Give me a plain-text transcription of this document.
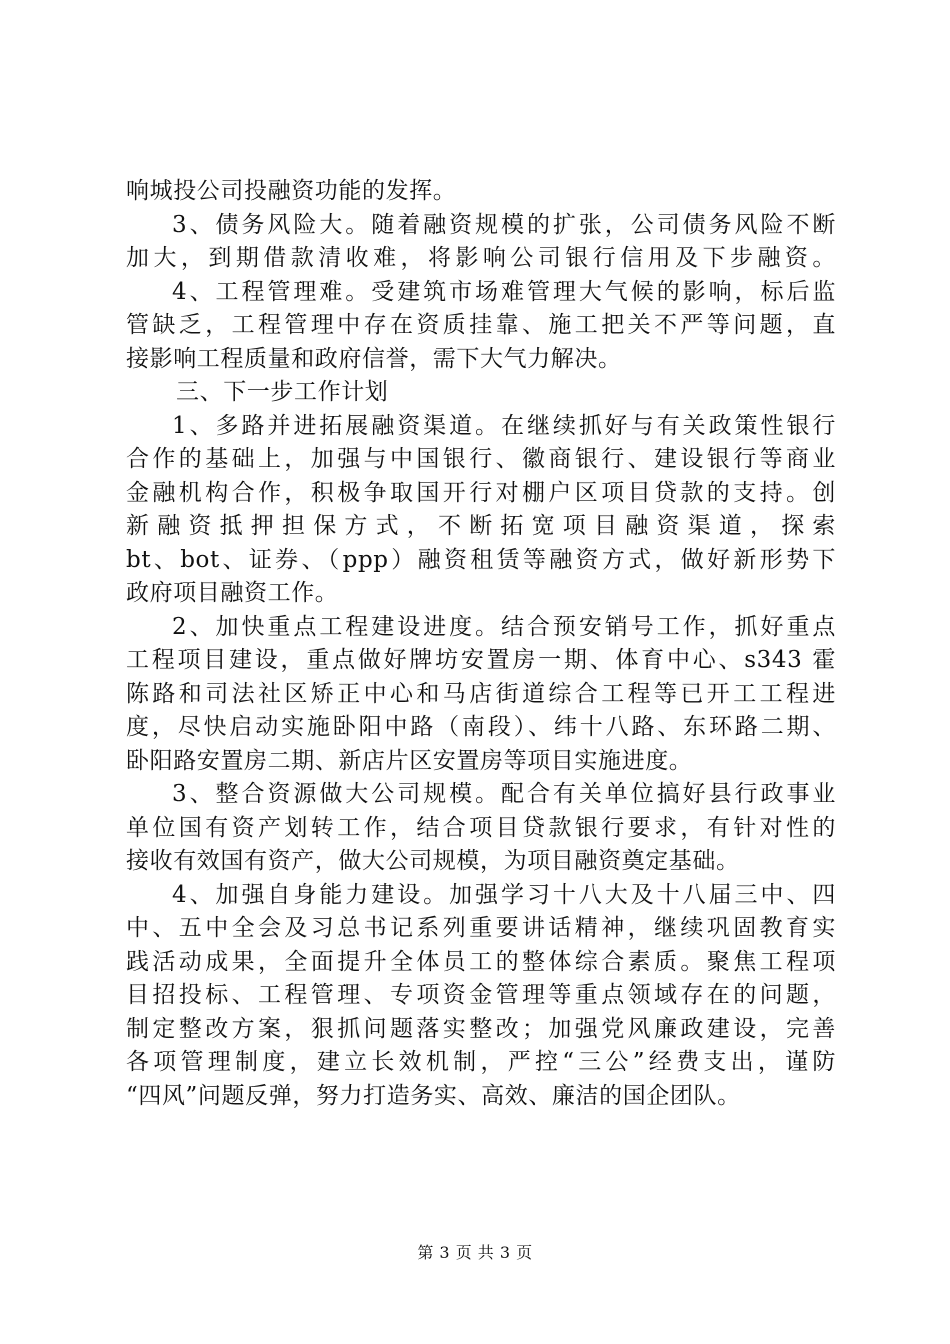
响城投公司投融资功能的发挥。
3、债务风险大。随着融资规模的扩张，公司债务风险不断
加大，到期借款清收难，将影响公司银行信用及下步融资。
4、工程管理难。受建筑市场难管理大气候的影响，标后监
管缺乏，工程管理中存在资质挂靠、施工把关不严等问题，直
接影响工程质量和政府信誉，需下大气力解决。
三、下一步工作计划
1、多路并进拓展融资渠道。在继续抓好与有关政策性银行
合作的基础上，加强与中国银行、徽商银行、建设银行等商业
金融机构合作，积极争取国开行对棚户区项目贷款的支持。创
新融资抵押担保方式，不断拓宽项目融资渠道，探索
bt、bot、证券、（ppp）融资租赁等融资方式，做好新形势下
政府项目融资工作。
2、加快重点工程建设进度。结合预安销号工作，抓好重点
工程项目建设，重点做好牌坊安置房一期、体育中心、s343 霍
陈路和司法社区矫正中心和马店街道综合工程等已开工工程进
度，尽快启动实施卧阳中路（南段）、纬十八路、东环路二期、
卧阳路安置房二期、新店片区安置房等项目实施进度。
3、整合资源做大公司规模。配合有关单位搞好县行政事业
单位国有资产划转工作，结合项目贷款银行要求，有针对性的
接收有效国有资产，做大公司规模，为项目融资奠定基础。
4、加强自身能力建设。加强学习十八大及十八届三中、四
中、五中全会及习总书记系列重要讲话精神，继续巩固教育实
践活动成果，全面提升全体员工的整体综合素质。聚焦工程项
目招投标、工程管理、专项资金管理等重点领域存在的问题，
制定整改方案，狠抓问题落实整改；加强党风廉政建设，完善
各项管理制度，建立长效机制，严控“三公”经费支出，谨防
“四风”问题反弹，努力打造务实、高效、廉洁的国企团队。
第 3 页 共 3 页
